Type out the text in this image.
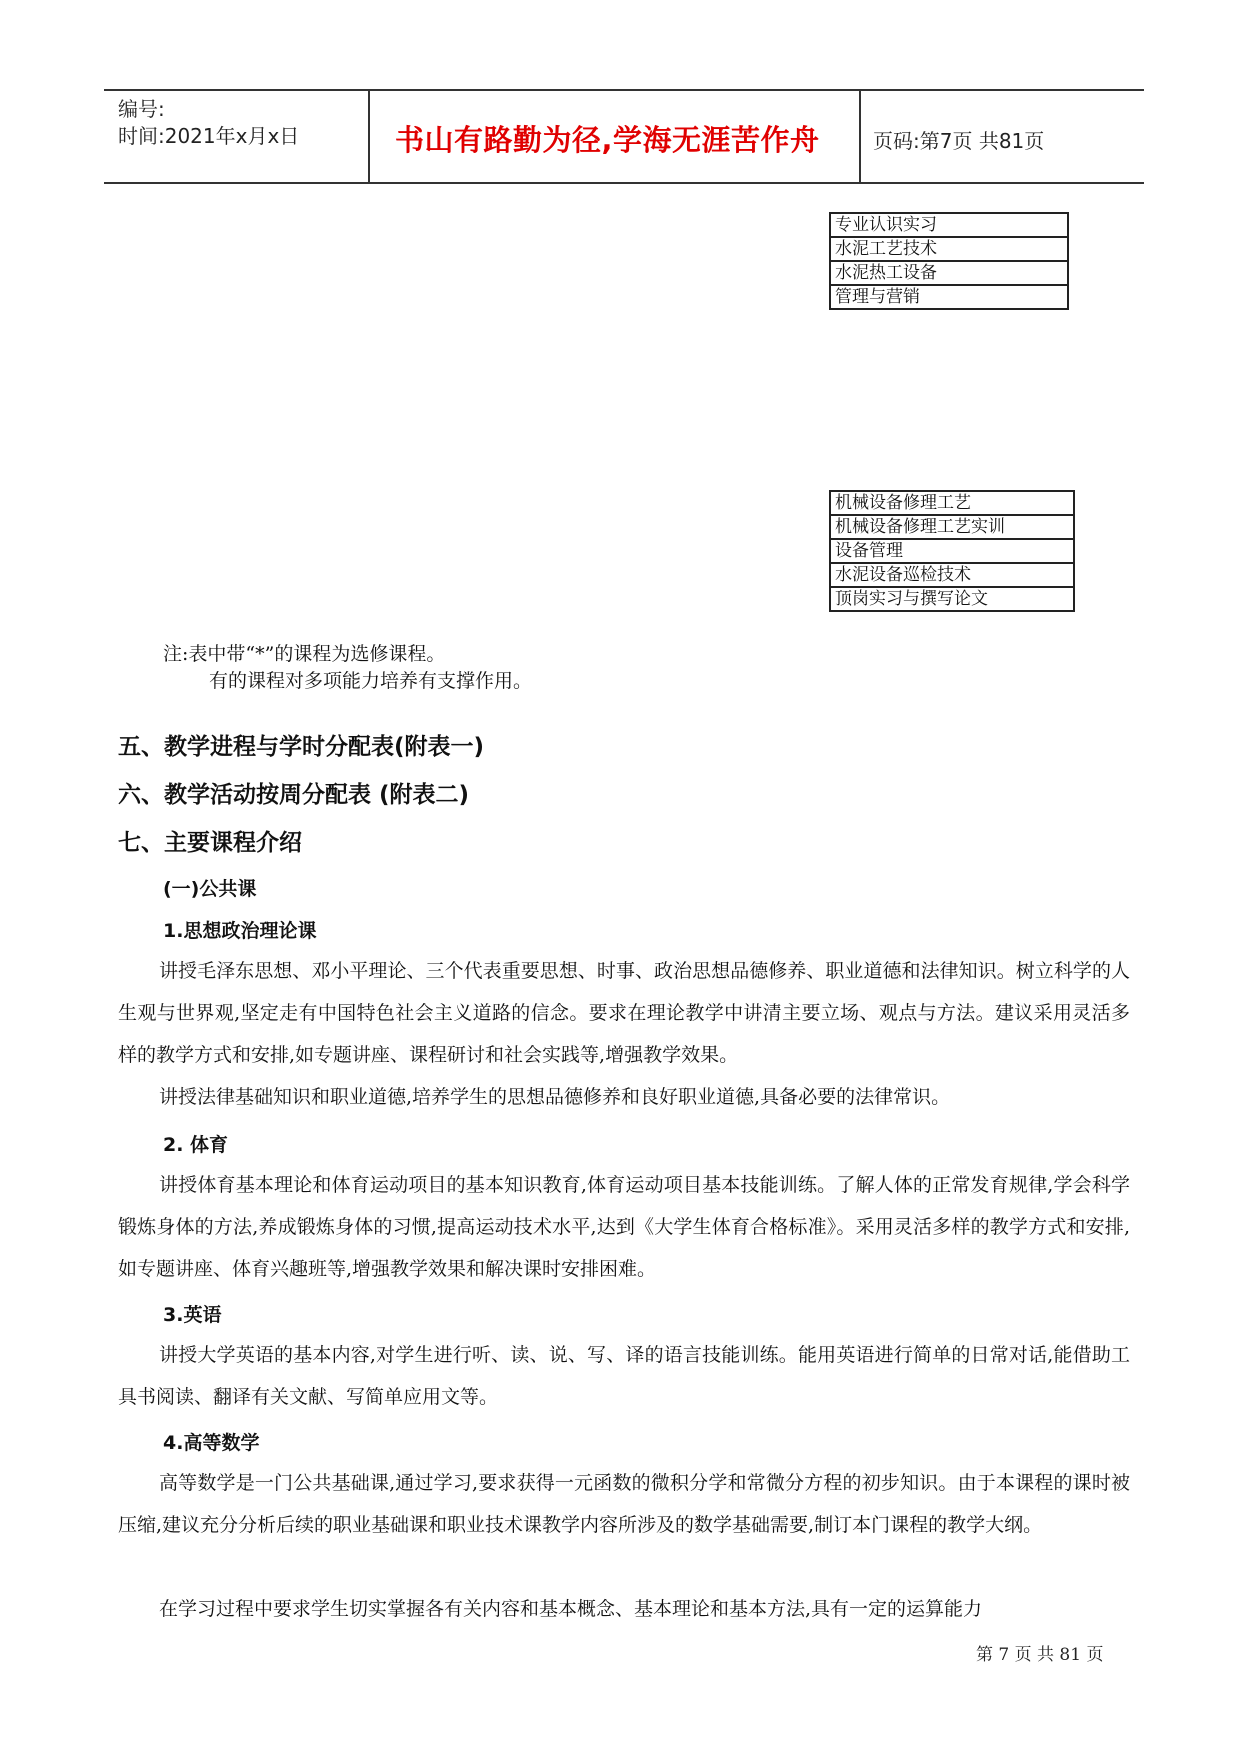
编号:
时间:2021年x月x日	书山有路勤为径,学海无涯苦作舟	页码:第7页 共81页
专业认识实习
水泥工艺技术
水泥热工设备
管理与营销
机械设备修理工艺
机械设备修理工艺实训
设备管理
水泥设备巡检技术
顶岗实习与撰写论文
注:表中带“*”的课程为选修课程。
有的课程对多项能力培养有支撑作用。
五、教学进程与学时分配表(附表一)
六、教学活动按周分配表 (附表二)
七、主要课程介绍
(一)公共课
1.思想政治理论课
讲授毛泽东思想、邓小平理论、三个代表重要思想、时事、政治思想品德修养、职业道德和法律知识。树立科学的人生观与世界观,坚定走有中国特色社会主义道路的信念。要求在理论教学中讲清主要立场、观点与方法。建议采用灵活多样的教学方式和安排,如专题讲座、课程研讨和社会实践等,增强教学效果。
讲授法律基础知识和职业道德,培养学生的思想品德修养和良好职业道德,具备必要的法律常识。
2. 体育
讲授体育基本理论和体育运动项目的基本知识教育,体育运动项目基本技能训练。了解人体的正常发育规律,学会科学锻炼身体的方法,养成锻炼身体的习惯,提高运动技术水平,达到《大学生体育合格标准》。采用灵活多样的教学方式和安排,如专题讲座、体育兴趣班等,增强教学效果和解决课时安排困难。
3.英语
讲授大学英语的基本内容,对学生进行听、读、说、写、译的语言技能训练。能用英语进行简单的日常对话,能借助工具书阅读、翻译有关文献、写简单应用文等。
4.高等数学
高等数学是一门公共基础课,通过学习,要求获得一元函数的微积分学和常微分方程的初步知识。由于本课程的课时被压缩,建议充分分析后续的职业基础课和职业技术课教学内容所涉及的数学基础需要,制订本门课程的教学大纲。
在学习过程中要求学生切实掌握各有关内容和基本概念、基本理论和基本方法,具有一定的运算能力
第 7 页 共 81 页
